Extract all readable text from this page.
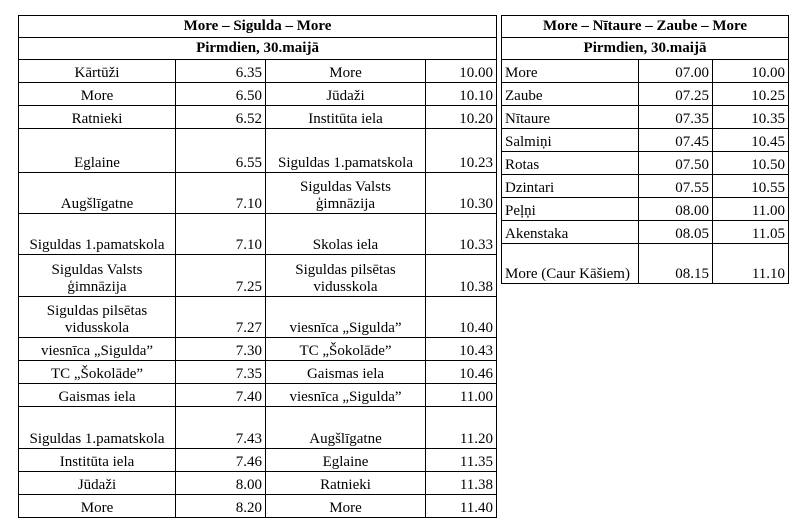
More – Sigulda – More			
Pirmdien, 30.maijā			
Kārtūži	6.35	More	10.00
More	6.50	Jūdaži	10.10
Ratnieki	6.52	Institūta iela	10.20
Eglaine	6.55	Siguldas 1.pamatskola	10.23
Augšlīgatne	7.10	Siguldas Valsts ģimnāzija	10.30
Siguldas 1.pamatskola	7.10	Skolas iela	10.33
Siguldas Valsts ģimnāzija	7.25	Siguldas pilsētas vidusskola	10.38
Siguldas pilsētas vidusskola	7.27	viesnīca „Sigulda”	10.40
viesnīca „Sigulda”	7.30	TC „Šokolāde”	10.43
TC „Šokolāde”	7.35	Gaismas iela	10.46
Gaismas iela	7.40	viesnīca „Sigulda”	11.00
Siguldas 1.pamatskola	7.43	Augšlīgatne	11.20
Institūta iela	7.46	Eglaine	11.35
Jūdaži	8.00	Ratnieki	11.38
More	8.20	More	11.40
More – Nītaure – Zaube – More		
Pirmdien, 30.maijā		
More	07.00	10.00
Zaube	07.25	10.25
Nītaure	07.35	10.35
Salmiņi	07.45	10.45
Rotas	07.50	10.50
Dzintari	07.55	10.55
Peļņi	08.00	11.00
Akenstaka	08.05	11.05
More (Caur Kāšiem)	08.15	11.10
